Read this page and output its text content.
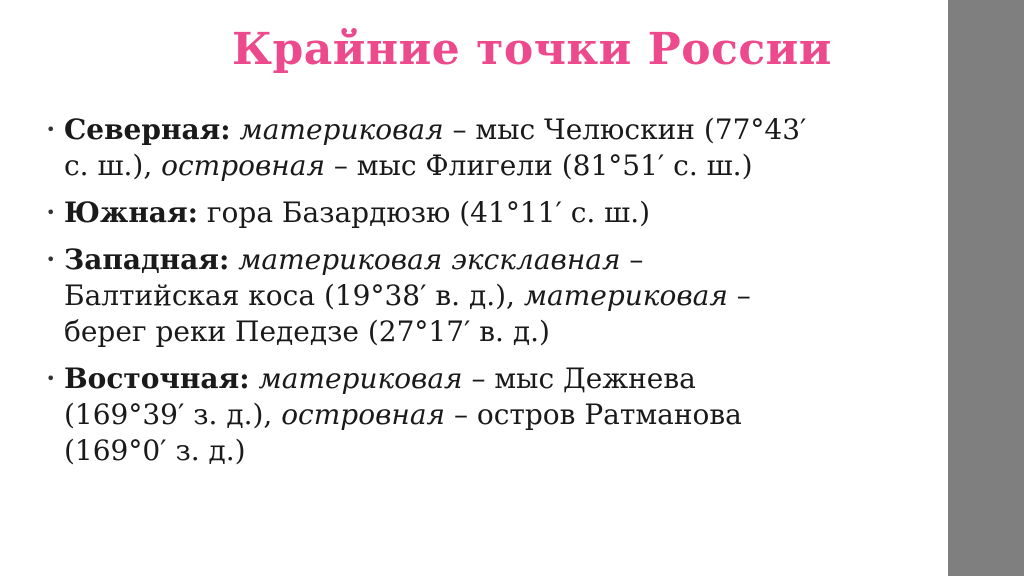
Крайние точки России
•
Северная: материковая – мыс Челюскин (77°43′
с. ш.), островная – мыс Флигели (81°51′ с. ш.)
•
Южная: гора Базардюзю (41°11′ с. ш.)
•
Западная: материковая эксклавная –
Балтийская коса (19°38′ в. д.), материковая –
берег реки Педедзе (27°17′ в. д.)
•
Восточная: материковая – мыс Дежнева
(169°39′ з. д.), островная – остров Ратманова
(169°0′ з. д.)
